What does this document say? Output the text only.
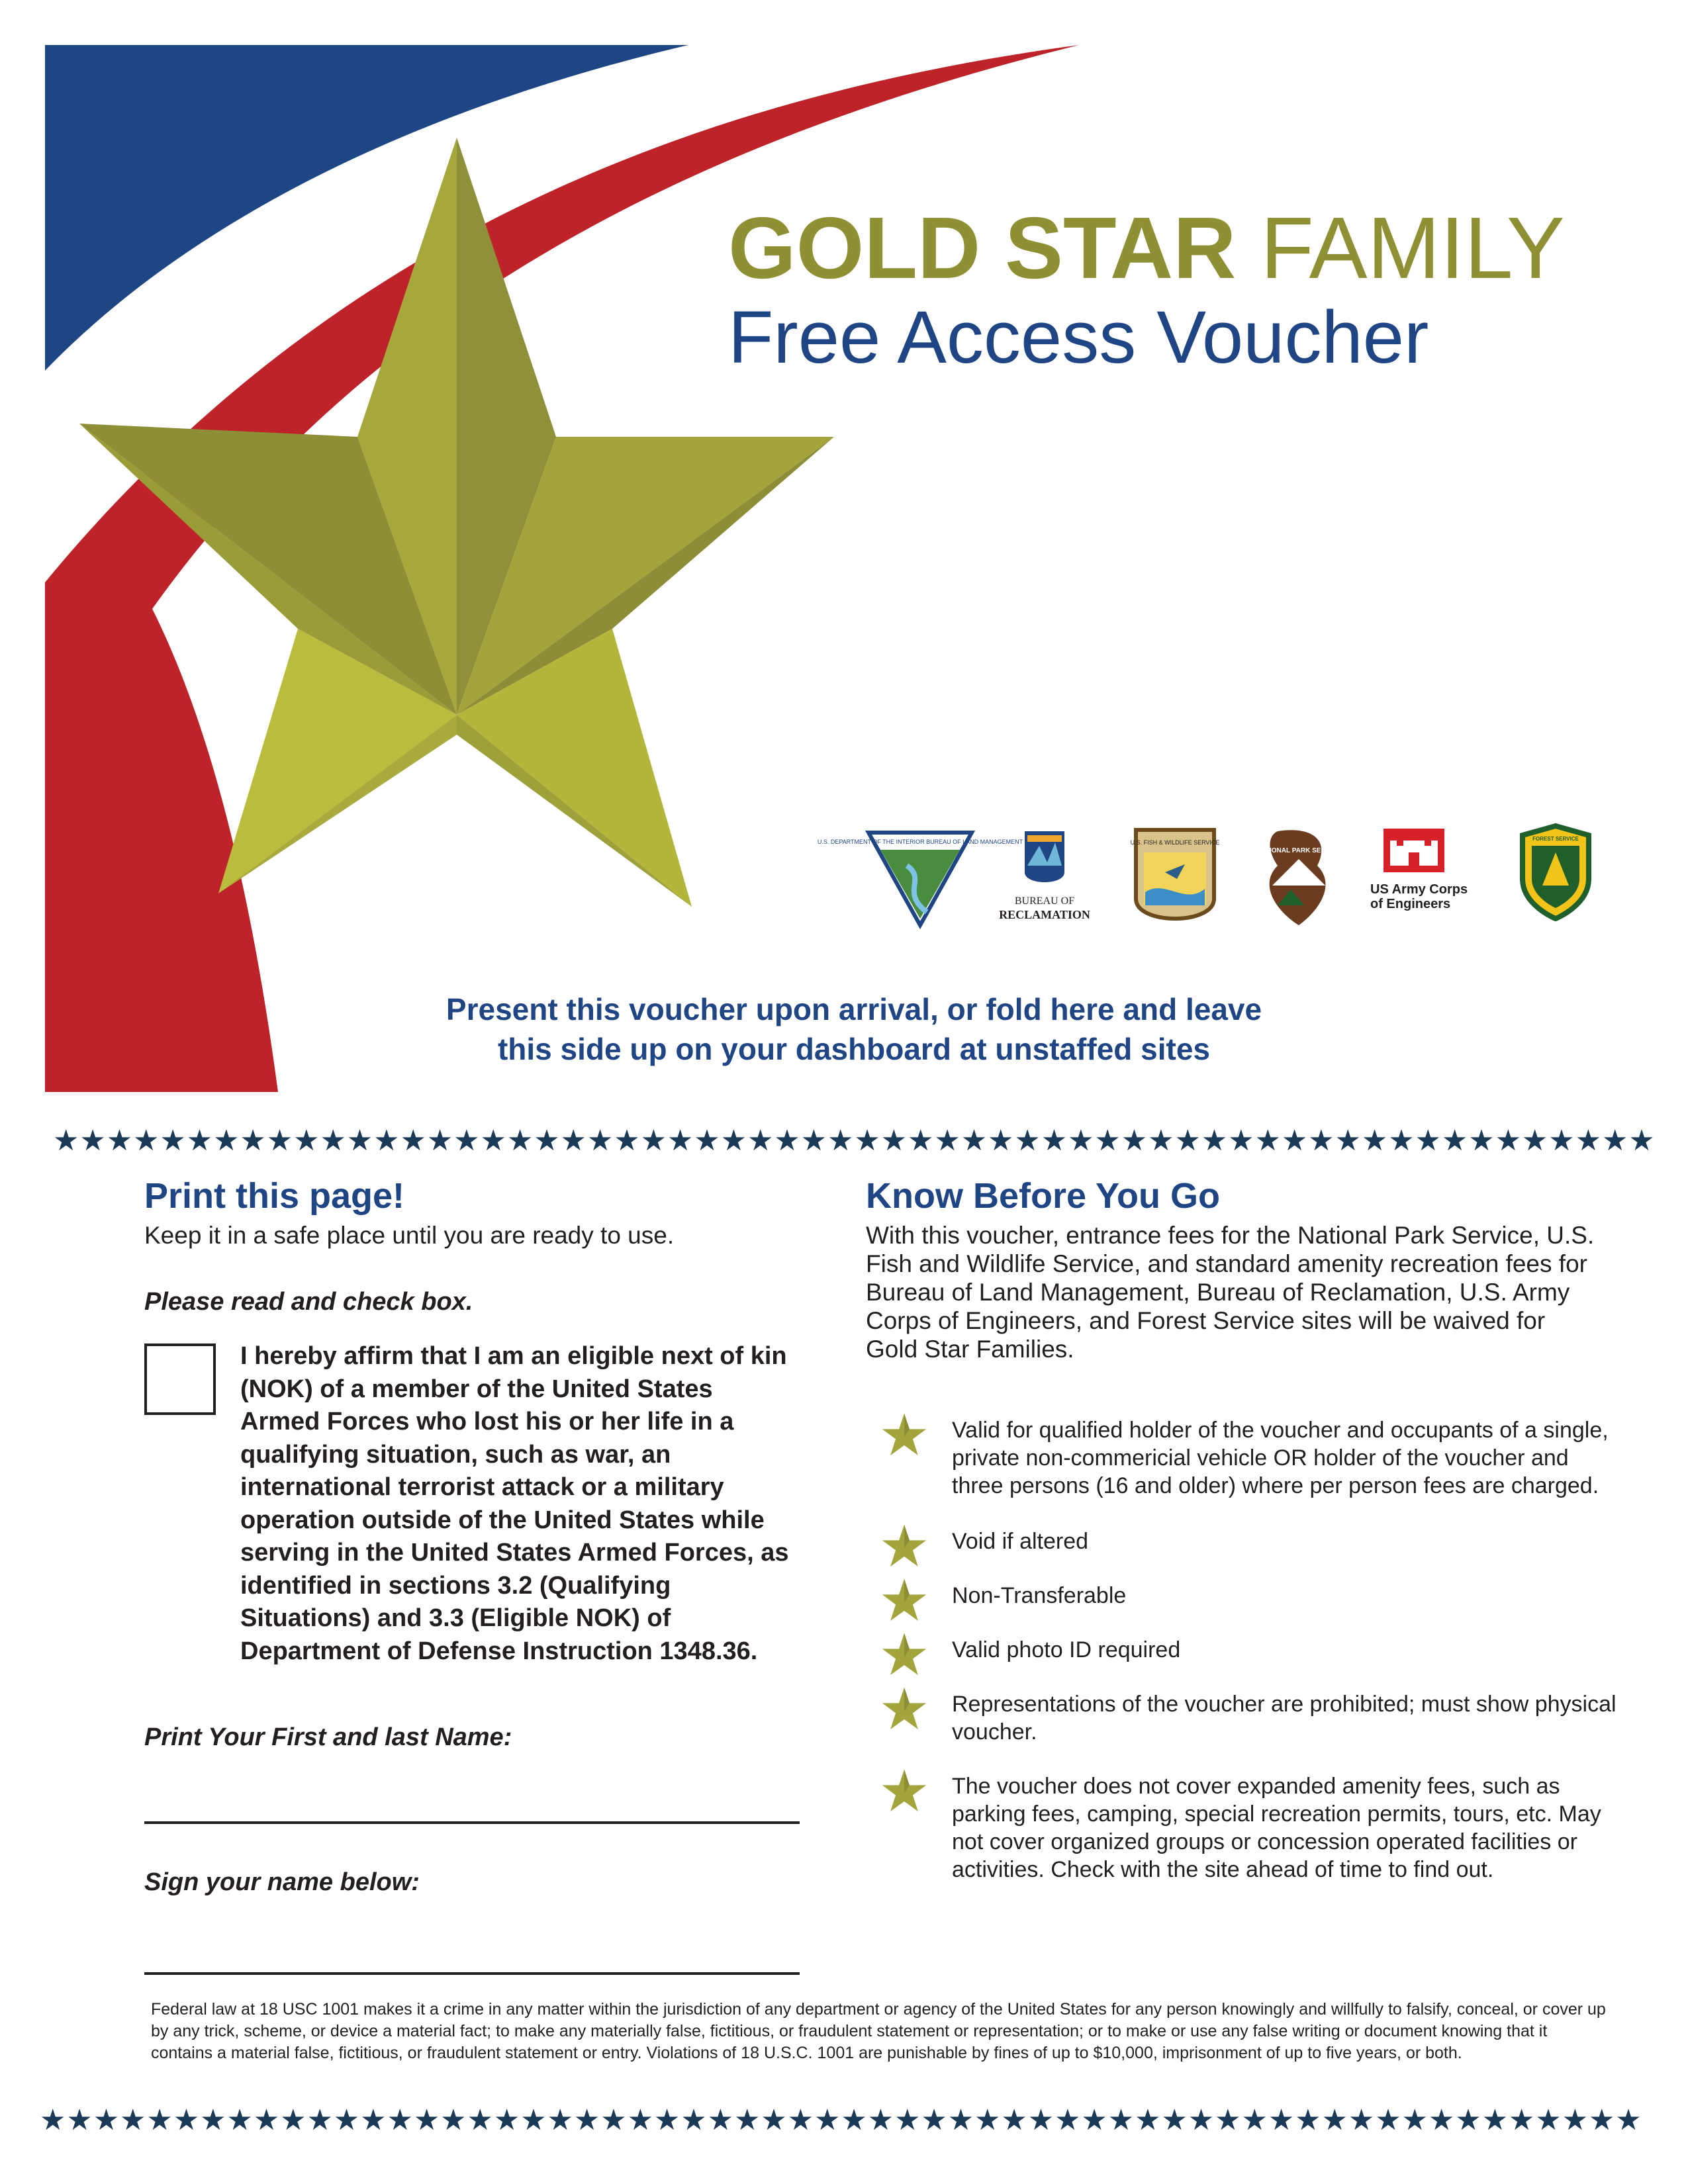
GOLD STAR FAMILY
Free Access Voucher
U.S. DEPARTMENT OF THE INTERIOR BUREAU OF LAND MANAGEMENT
BUREAU OF
RECLAMATION
U.S. FISH & WILDLIFE SERVICE
NATIONAL PARK SERVICE
US Army Corps
of Engineers
FOREST SERVICE
Present this voucher upon arrival, or fold here and leave
this side up on your dashboard at unstaffed sites
★ ★ ★ ★ ★ ★ ★ ★ ★ ★ ★ ★ ★ ★ ★ ★ ★ ★ ★ ★ ★ ★ ★ ★ ★ ★ ★ ★ ★ ★ ★ ★ ★ ★ ★ ★ ★ ★ ★ ★ ★ ★ ★ ★ ★ ★ ★ ★ ★ ★ ★ ★ ★ ★ ★ ★ ★ ★ ★ ★
Print this page!
Keep it in a safe place until you are ready to use.
Please read and check box.
I hereby affirm that I am an eligible next of kin (NOK) of a member of the United States Armed Forces who lost his or her life in a qualifying situation, such as war, an international terrorist attack or a military operation outside of the United States while serving in the United States Armed Forces, as identified in sections 3.2 (Qualifying Situations) and 3.3 (Eligible NOK) of Department of Defense Instruction 1348.36.
Print Your First and last Name:
Sign your name below:
Know Before You Go
With this voucher, entrance fees for the National Park Service, U.S. Fish and Wildlife Service, and standard amenity recreation fees for Bureau of Land Management, Bureau of Reclamation, U.S. Army Corps of Engineers, and Forest Service sites will be waived for Gold Star Families.
Valid for qualified holder of the voucher and occupants of a single, private non-commericial vehicle OR holder of the voucher and three persons (16 and older) where per person fees are charged.
Void if altered
Non-Transferable
Valid photo ID required
Representations of the voucher are prohibited; must show physical voucher.
The voucher does not cover expanded amenity fees, such as parking fees, camping, special recreation permits, tours, etc. May not cover organized groups or concession operated facilities or activities. Check with the site ahead of time to find out.
Federal law at 18 USC 1001 makes it a crime in any matter within the jurisdiction of any department or agency of the United States for any person knowingly and willfully to falsify, conceal, or cover up by any trick, scheme, or device a material fact; to make any materially false, fictitious, or fraudulent statement or representation; or to make or use any false writing or document knowing that it contains a material false, fictitious, or fraudulent statement or entry. Violations of 18 U.S.C. 1001 are punishable by fines of up to $10,000, imprisonment of up to five years, or both.
★ ★ ★ ★ ★ ★ ★ ★ ★ ★ ★ ★ ★ ★ ★ ★ ★ ★ ★ ★ ★ ★ ★ ★ ★ ★ ★ ★ ★ ★ ★ ★ ★ ★ ★ ★ ★ ★ ★ ★ ★ ★ ★ ★ ★ ★ ★ ★ ★ ★ ★ ★ ★ ★ ★ ★ ★ ★ ★ ★
